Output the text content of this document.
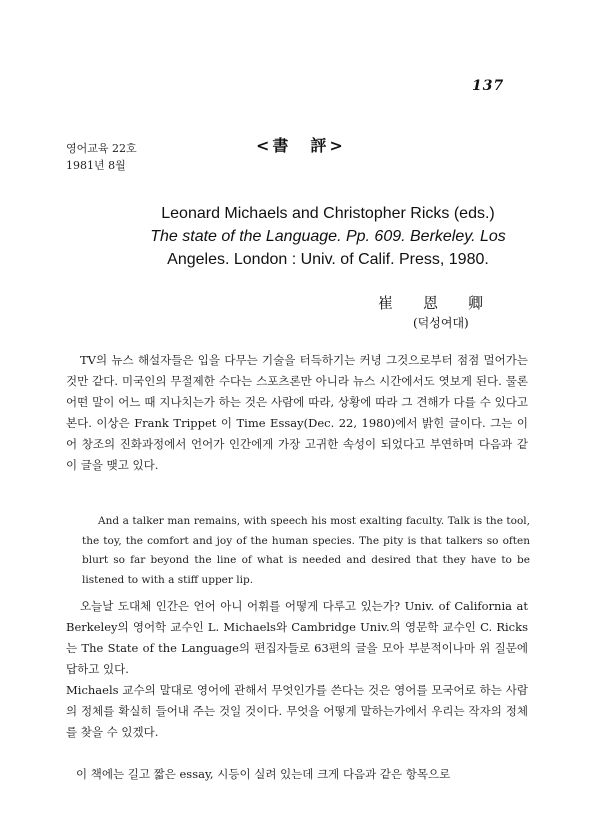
137
영어교육 22호
1981년 8월
<書　評>
Leonard Michaels and Christopher Ricks (eds.)
The state of the Language. Pp. 609. Berkeley. Los
Angeles. London : Univ. of Calif. Press, 1980.
崔恩卿
(덕성여대)
TV의 뉴스 해설자들은 입을 다무는 기술을 터득하기는 커녕 그것으로부터 점점 멀어가는 것만 같다. 미국인의 무절제한 수다는 스포츠론만 아니라 뉴스 시간에서도 엿보게 된다. 물론 어떤 말이 어느 때 지나치는가 하는 것은 사람에 따라, 상황에 따라 그 견해가 다를 수 있다고 본다. 이상은 Frank Trippet 이 Time Essay(Dec. 22, 1980)에서 밝힌 글이다. 그는 이어 창조의 진화과정에서 언어가 인간에게 가장 고귀한 속성이 되었다고 부연하며 다음과 같이 글을 맺고 있다.
And a talker man remains, with speech his most exalting faculty. Talk is the tool, the toy, the comfort and joy of the human species. The pity is that talkers so often blurt so far beyond the line of what is needed and desired that they have to be listened to with a stiff upper lip.
오늘날 도대체 인간은 언어 아니 어휘를 어떻게 다루고 있는가? Univ. of California at Berkeley의 영어학 교수인 L. Michaels와 Cambridge Univ.의 영문학 교수인 C. Ricks는 The State of the Language의 편집자들로 63편의 글을 모아 부분적이나마 위 질문에 답하고 있다.
Michaels 교수의 말대로 영어에 관해서 무엇인가를 쓴다는 것은 영어를 모국어로 하는 사람의 정체를 확실히 들어내 주는 것일 것이다. 무엇을 어떻게 말하는가에서 우리는 작자의 정체를 찾을 수 있겠다.
이 책에는 길고 짧은 essay, 시등이 실려 있는데 크게 다음과 같은 항목으로
